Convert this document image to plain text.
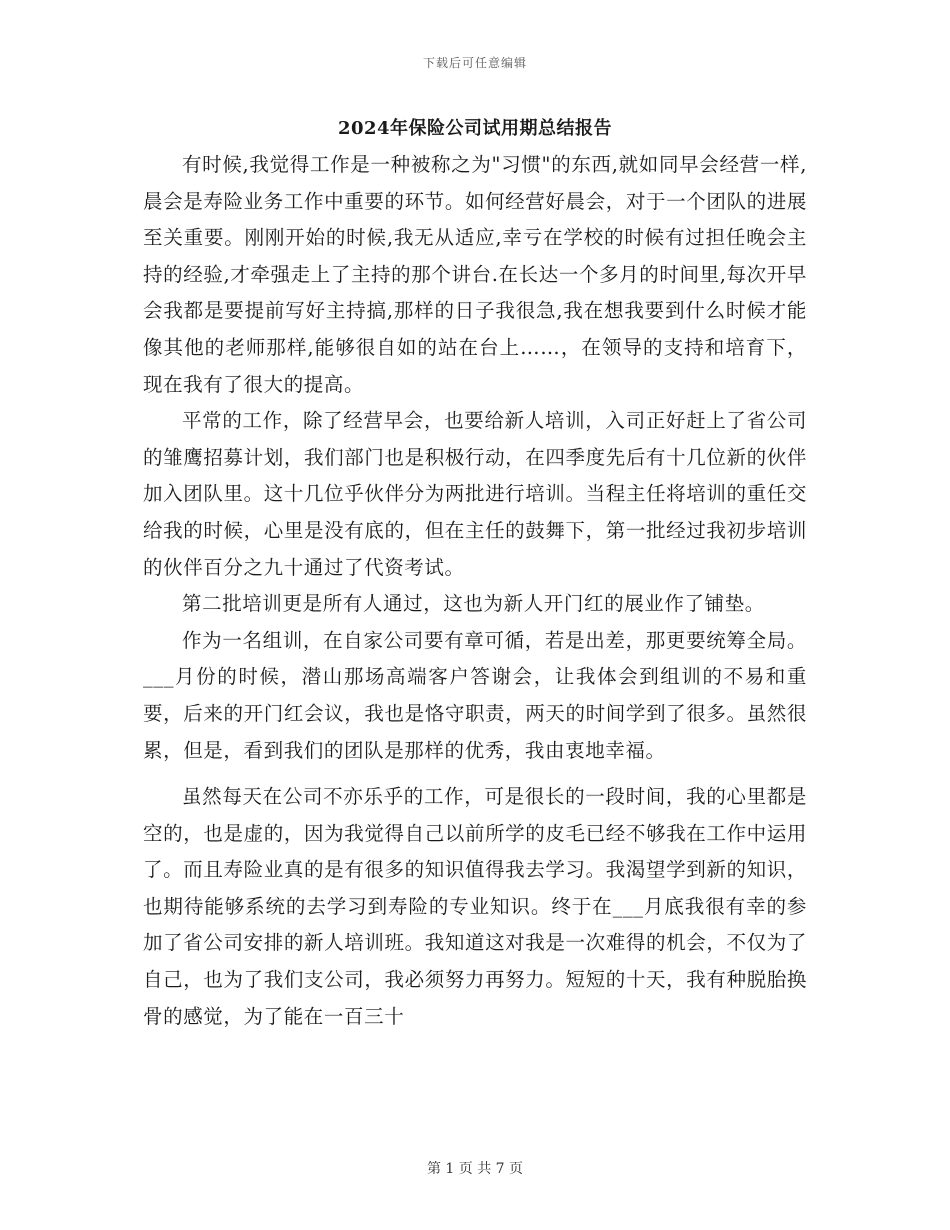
下载后可任意编辑
2024年保险公司试用期总结报告

有时候,我觉得工作是一种被称之为"习惯"的东西,就如同早会经营一样,晨会是寿险业务工作中重要的环节。如何经营好晨会，对于一个团队的进展至关重要。刚刚开始的时候,我无从适应,幸亏在学校的时候有过担任晚会主持的经验,才牵强走上了主持的那个讲台.在长达一个多月的时间里,每次开早会我都是要提前写好主持搞,那样的日子我很急,我在想我要到什么时候才能像其他的老师那样,能够很自如的站在台上……，在领导的支持和培育下，现在我有了很大的提高。

平常的工作，除了经营早会，也要给新人培训，入司正好赶上了省公司的雏鹰招募计划，我们部门也是积极行动，在四季度先后有十几位新的伙伴加入团队里。这十几位乎伙伴分为两批进行培训。当程主任将培训的重任交给我的时候，心里是没有底的，但在主任的鼓舞下，第一批经过我初步培训的伙伴百分之九十通过了代资考试。

第二批培训更是所有人通过，这也为新人开门红的展业作了铺垫。

作为一名组训，在自家公司要有章可循，若是出差，那更要统筹全局。___月份的时候，潜山那场高端客户答谢会，让我体会到组训的不易和重要，后来的开门红会议，我也是恪守职责，两天的时间学到了很多。虽然很累，但是，看到我们的团队是那样的优秀，我由衷地幸福。

虽然每天在公司不亦乐乎的工作，可是很长的一段时间，我的心里都是空的，也是虚的，因为我觉得自己以前所学的皮毛已经不够我在工作中运用了。而且寿险业真的是有很多的知识值得我去学习。我渴望学到新的知识，也期待能够系统的去学习到寿险的专业知识。终于在___月底我很有幸的参加了省公司安排的新人培训班。我知道这对我是一次难得的机会，不仅为了自己，也为了我们支公司，我必须努力再努力。短短的十天，我有种脱胎换骨的感觉，为了能在一百三十

第 1 页 共 7 页
